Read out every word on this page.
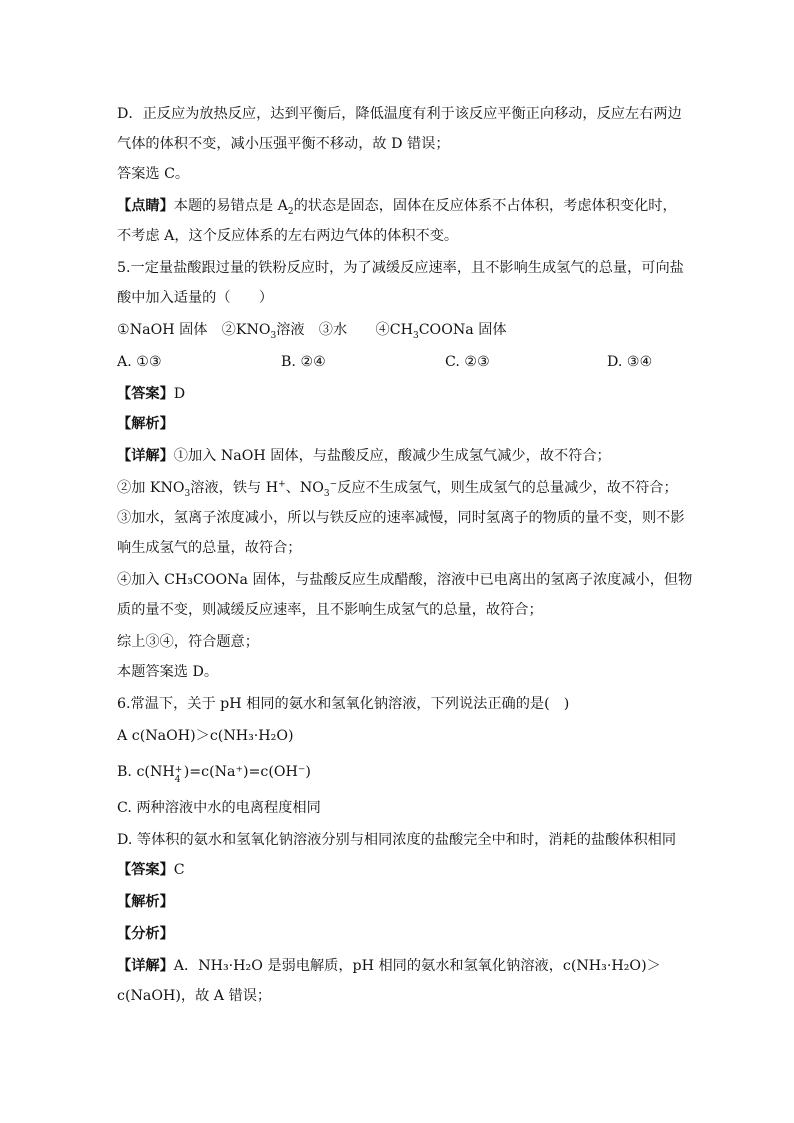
D．正反应为放热反应，达到平衡后，降低温度有利于该反应平衡正向移动，反应左右两边
气体的体积不变，减小压强平衡不移动，故 D 错误；
答案选 C。
【点睛】本题的易错点是 $A_2$的状态是固态，固体在反应体系不占体积，考虑体积变化时，
不考虑 A，这个反应体系的左右两边气体的体积不变。
5.一定量盐酸跟过量的铁粉反应时，为了减缓反应速率，且不影响生成氢气的总量，可向盐
酸中加入适量的（　　）
①NaOH 固体　$②KNO_3$溶液　③水　　$④CH_3COONa$ 固体
A. ①③	B. ②④	C. ②③	D. ③④
【答案】D
【解析】
【详解】①加入 NaOH 固体，与盐酸反应，酸减少生成氢气减少，故不符合；
②加 $KNO_3$溶液，铁与 H+、$NO_3^-$反应不生成氢气，则生成氢气的总量减少，故不符合；
③加水，氢离子浓度减小，所以与铁反应的速率减慢，同时氢离子的物质的量不变，则不影
响生成氢气的总量，故符合；
④加入 CH₃COONa 固体，与盐酸反应生成醋酸，溶液中已电离出的氢离子浓度减小，但物
质的量不变，则减缓反应速率，且不影响生成氢气的总量，故符合；
综上③④，符合题意；
本题答案选 D。
6.常温下，关于 pH 相同的氨水和氢氧化钠溶液，下列说法正确的是(　)
A c(NaOH)＞c(NH₃·H₂O)
B. c(NH +
4 )=c(Na⁺)=c(OH⁻)
C. 两种溶液中水的电离程度相同
D. 等体积的氨水和氢氧化钠溶液分别与相同浓度的盐酸完全中和时，消耗的盐酸体积相同
【答案】C
【解析】
【分析】
【详解】A．NH₃·H₂O 是弱电解质，pH 相同的氨水和氢氧化钠溶液，c(NH₃·H₂O)＞
c(NaOH)，故 A 错误；
